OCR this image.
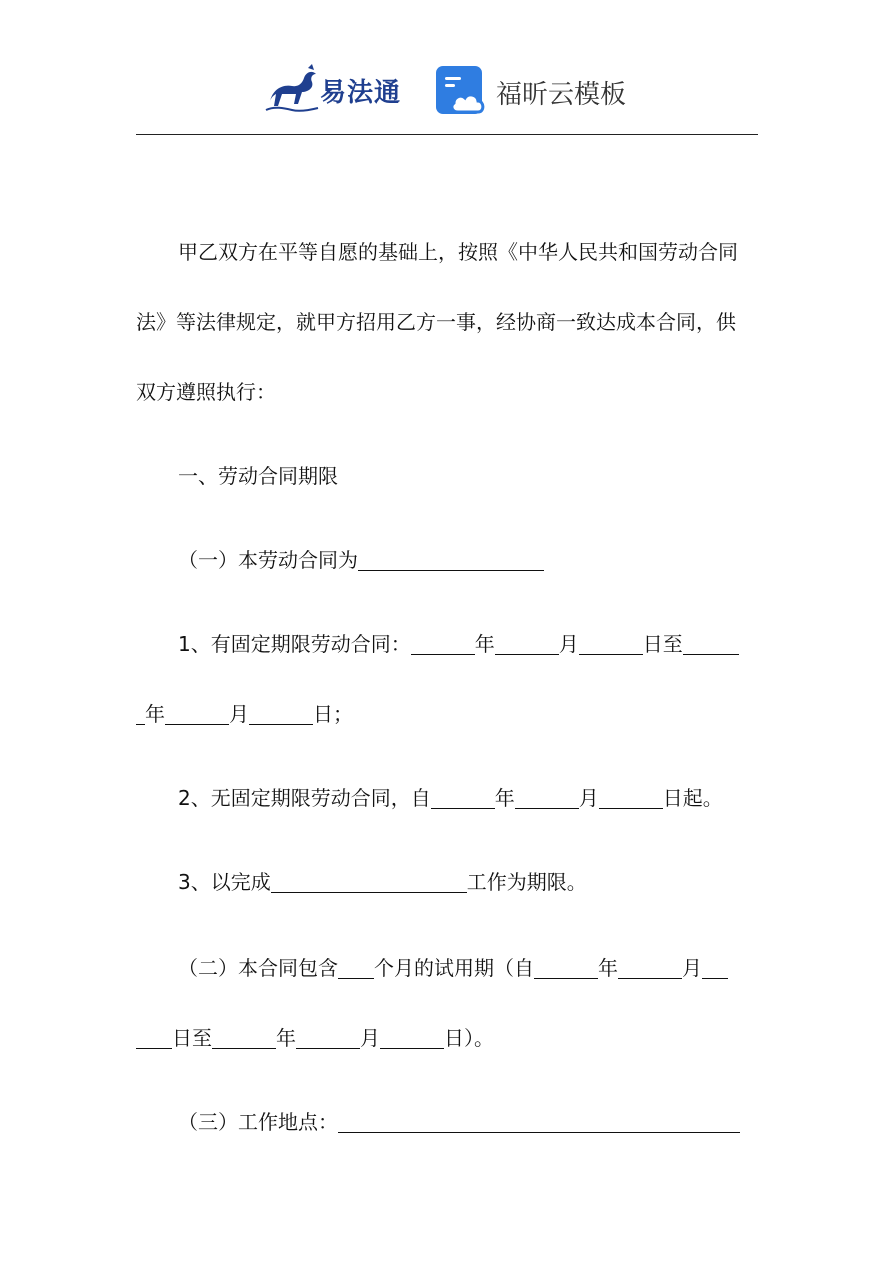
易法通	福昕云模板
甲乙双方在平等自愿的基础上，按照《中华人民共和国劳动合同
法》等法律规定，就甲方招用乙方一事，经协商一致达成本合同，供
双方遵照执行：
一、劳动合同期限
（一）本劳动合同为
1、有固定期限劳动合同：	年	月	日至
年	月	日；
2、无固定期限劳动合同，自	年	月	日起。
3、以完成	工作为期限。
（二）本合同包含 个月的试用期（自	年	月
日至	年	月	日）。
（三）工作地点：
